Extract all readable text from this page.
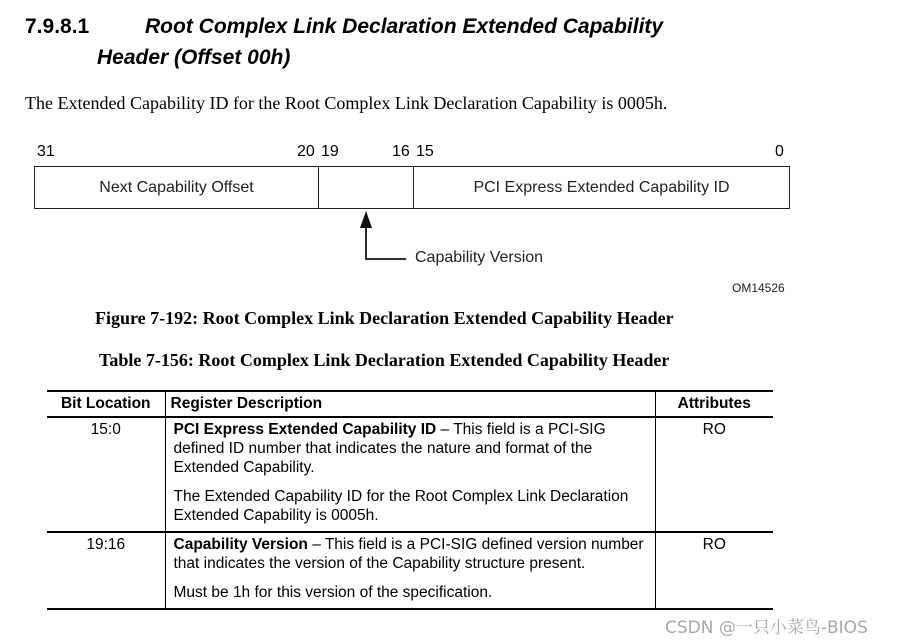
7.9.8.1	Root Complex Link Declaration Extended Capability
Header (Offset 00h)
The Extended Capability ID for the Root Complex Link Declaration Capability is 0005h.
31	20 19	16 15	0
Next Capability Offset	PCI Express Extended Capability ID
Capability Version
OM14526
Figure 7-192: Root Complex Link Declaration Extended Capability Header
Table 7-156: Root Complex Link Declaration Extended Capability Header
Bit Location	Register Description	Attributes
15:0	PCI Express Extended Capability ID – This field is a PCI-SIG defined ID number that indicates the nature and format of the Extended Capability.

The Extended Capability ID for the Root Complex Link Declaration Extended Capability is 0005h.	RO
19:16	Capability Version – This field is a PCI-SIG defined version number that indicates the version of the Capability structure present.

Must be 1h for this version of the specification.	RO
CSDN @一只小菜鸟-BIOS
